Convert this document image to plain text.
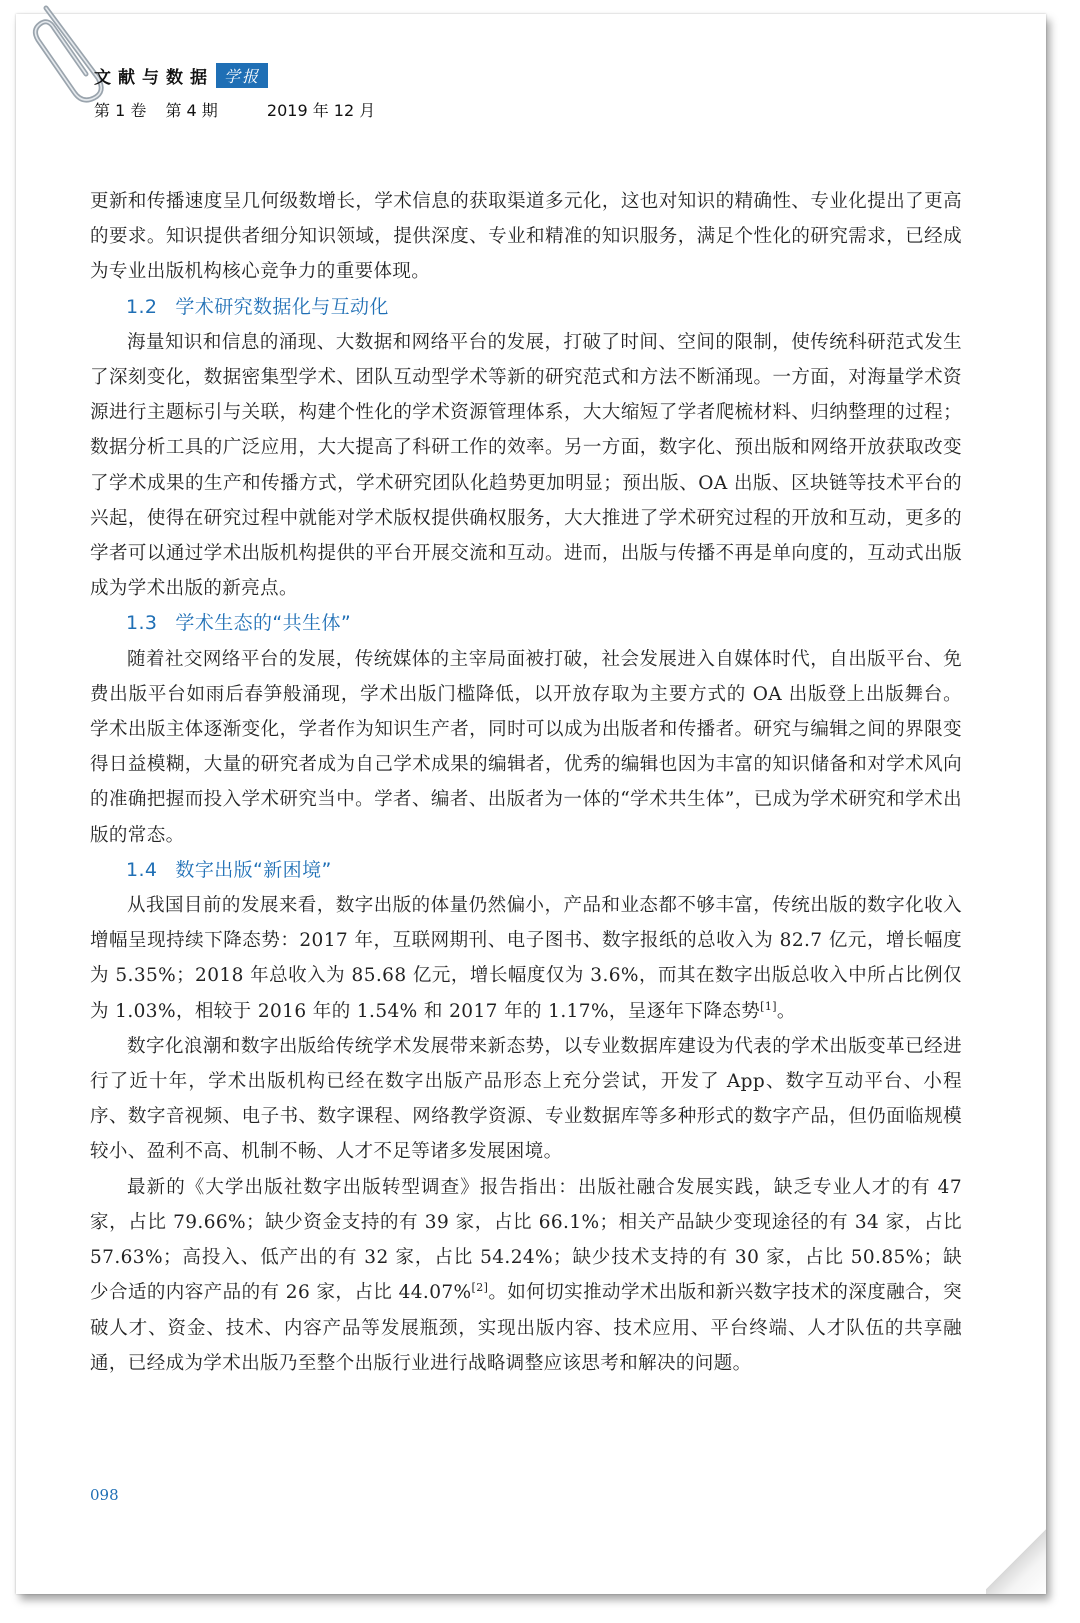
文献与数据 学报
第 1 卷 第 4 期	2019 年 12 月

更新和传播速度呈几何级数增长，学术信息的获取渠道多元化，这也对知识的精确性、专业化提出了更高的要求。知识提供者细分知识领域，提供深度、专业和精准的知识服务，满足个性化的研究需求，已经成为专业出版机构核心竞争力的重要体现。

1.2 学术研究数据化与互动化

海量知识和信息的涌现、大数据和网络平台的发展，打破了时间、空间的限制，使传统科研范式发生了深刻变化，数据密集型学术、团队互动型学术等新的研究范式和方法不断涌现。一方面，对海量学术资源进行主题标引与关联，构建个性化的学术资源管理体系，大大缩短了学者爬梳材料、归纳整理的过程；数据分析工具的广泛应用，大大提高了科研工作的效率。另一方面，数字化、预出版和网络开放获取改变了学术成果的生产和传播方式，学术研究团队化趋势更加明显；预出版、OA 出版、区块链等技术平台的兴起，使得在研究过程中就能对学术版权提供确权服务，大大推进了学术研究过程的开放和互动，更多的学者可以通过学术出版机构提供的平台开展交流和互动。进而，出版与传播不再是单向度的，互动式出版成为学术出版的新亮点。

1.3 学术生态的“共生体”

随着社交网络平台的发展，传统媒体的主宰局面被打破，社会发展进入自媒体时代，自出版平台、免费出版平台如雨后春笋般涌现，学术出版门槛降低，以开放存取为主要方式的 OA 出版登上出版舞台。学术出版主体逐渐变化，学者作为知识生产者，同时可以成为出版者和传播者。研究与编辑之间的界限变得日益模糊，大量的研究者成为自己学术成果的编辑者，优秀的编辑也因为丰富的知识储备和对学术风向的准确把握而投入学术研究当中。学者、编者、出版者为一体的“学术共生体”，已成为学术研究和学术出版的常态。

1.4 数字出版“新困境”

从我国目前的发展来看，数字出版的体量仍然偏小，产品和业态都不够丰富，传统出版的数字化收入增幅呈现持续下降态势：2017 年，互联网期刊、电子图书、数字报纸的总收入为 82.7 亿元，增长幅度为 5.35%；2018 年总收入为 85.68 亿元，增长幅度仅为 3.6%，而其在数字出版总收入中所占比例仅为 1.03%，相较于 2016 年的 1.54% 和 2017 年的 1.17%，呈逐年下降态势[1]。

数字化浪潮和数字出版给传统学术发展带来新态势，以专业数据库建设为代表的学术出版变革已经进行了近十年，学术出版机构已经在数字出版产品形态上充分尝试，开发了 App、数字互动平台、小程序、数字音视频、电子书、数字课程、网络教学资源、专业数据库等多种形式的数字产品，但仍面临规模较小、盈利不高、机制不畅、人才不足等诸多发展困境。

最新的《大学出版社数字出版转型调查》报告指出：出版社融合发展实践，缺乏专业人才的有 47 家，占比 79.66%；缺少资金支持的有 39 家，占比 66.1%；相关产品缺少变现途径的有 34 家，占比 57.63%；高投入、低产出的有 32 家，占比 54.24%；缺少技术支持的有 30 家，占比 50.85%；缺少合适的内容产品的有 26 家，占比 44.07%[2]。如何切实推动学术出版和新兴数字技术的深度融合，突破人才、资金、技术、内容产品等发展瓶颈，实现出版内容、技术应用、平台终端、人才队伍的共享融通，已经成为学术出版乃至整个出版行业进行战略调整应该思考和解决的问题。

098
